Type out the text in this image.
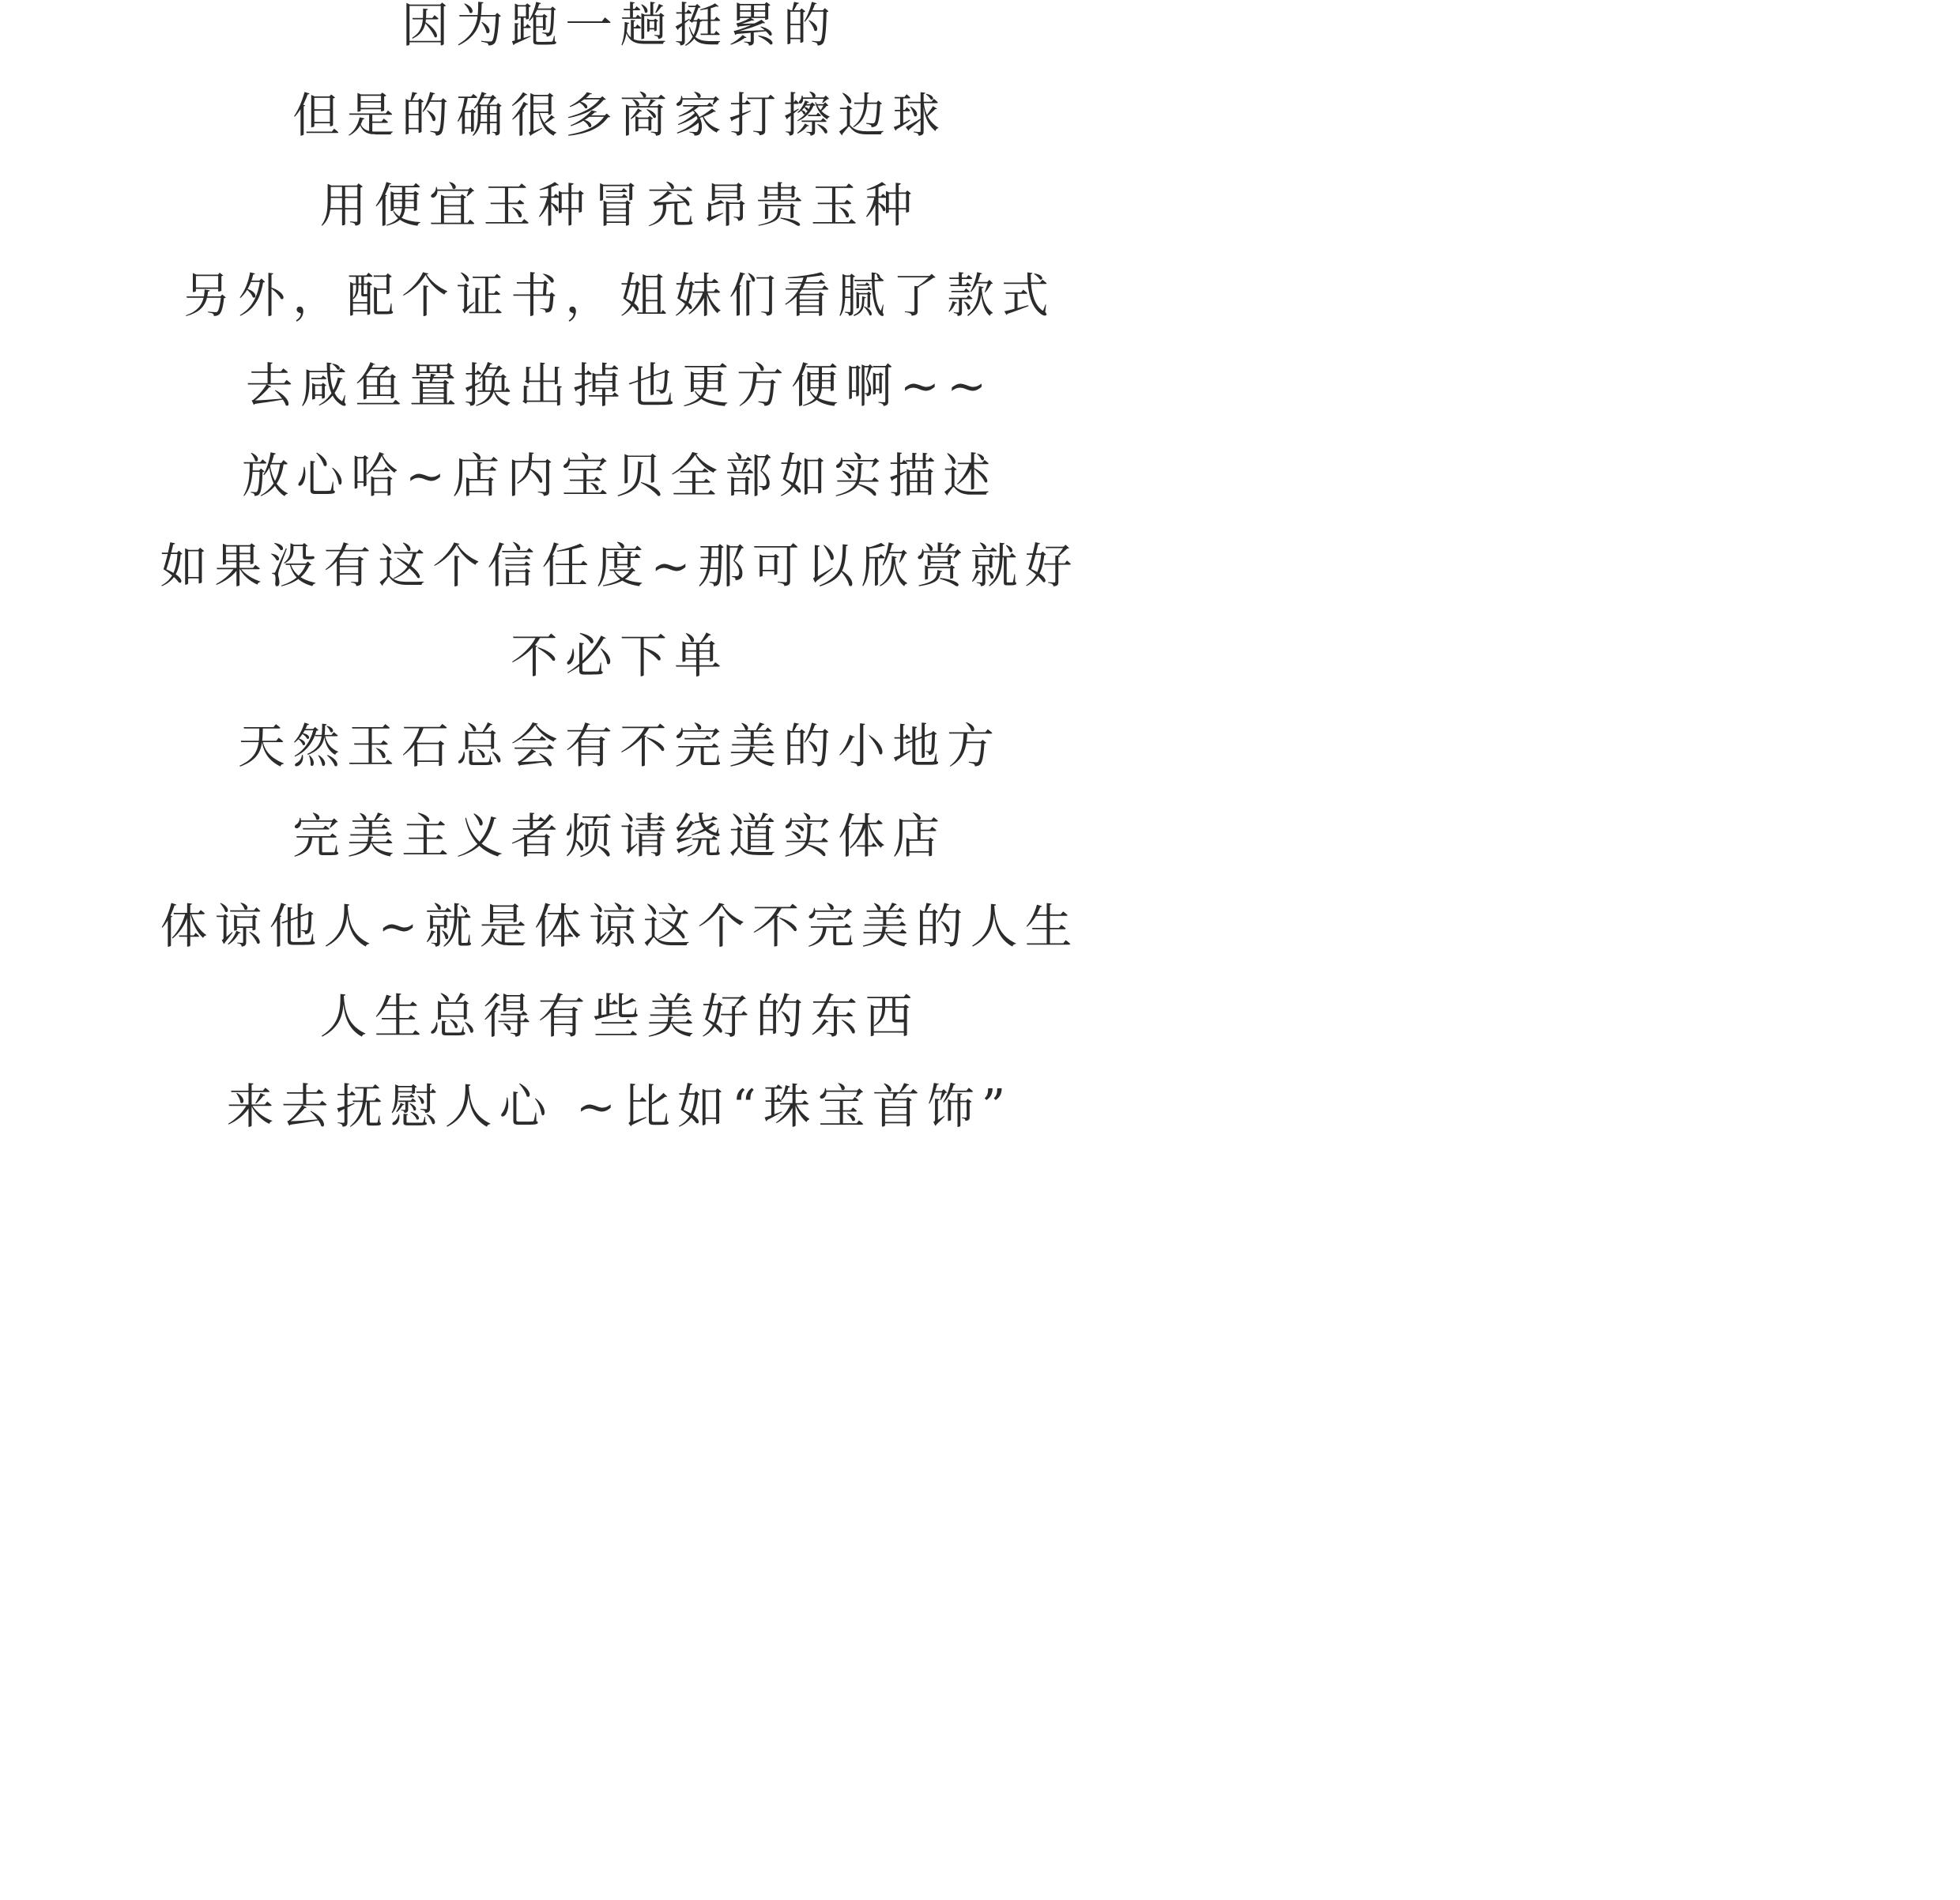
因为跑一趟挺累的
但是的确很多商家打擦边球
用便宜玉种冒充昂贵玉种
另外，配个证书，姐妹们看腻了款式
去咸鱼置换出掉也更方便啊~~
放心哈~店内宝贝全部如实描述
如果没有这个信任度~那可以欣赏就好
不必下单
天然玉石总会有不完美的小地方
完美主义者烦请绕道实体店
体谅他人~就是体谅这个不完美的人生
人生总得有些美好的东西
来去抚慰人心 ~比如“珠宝首饰”
